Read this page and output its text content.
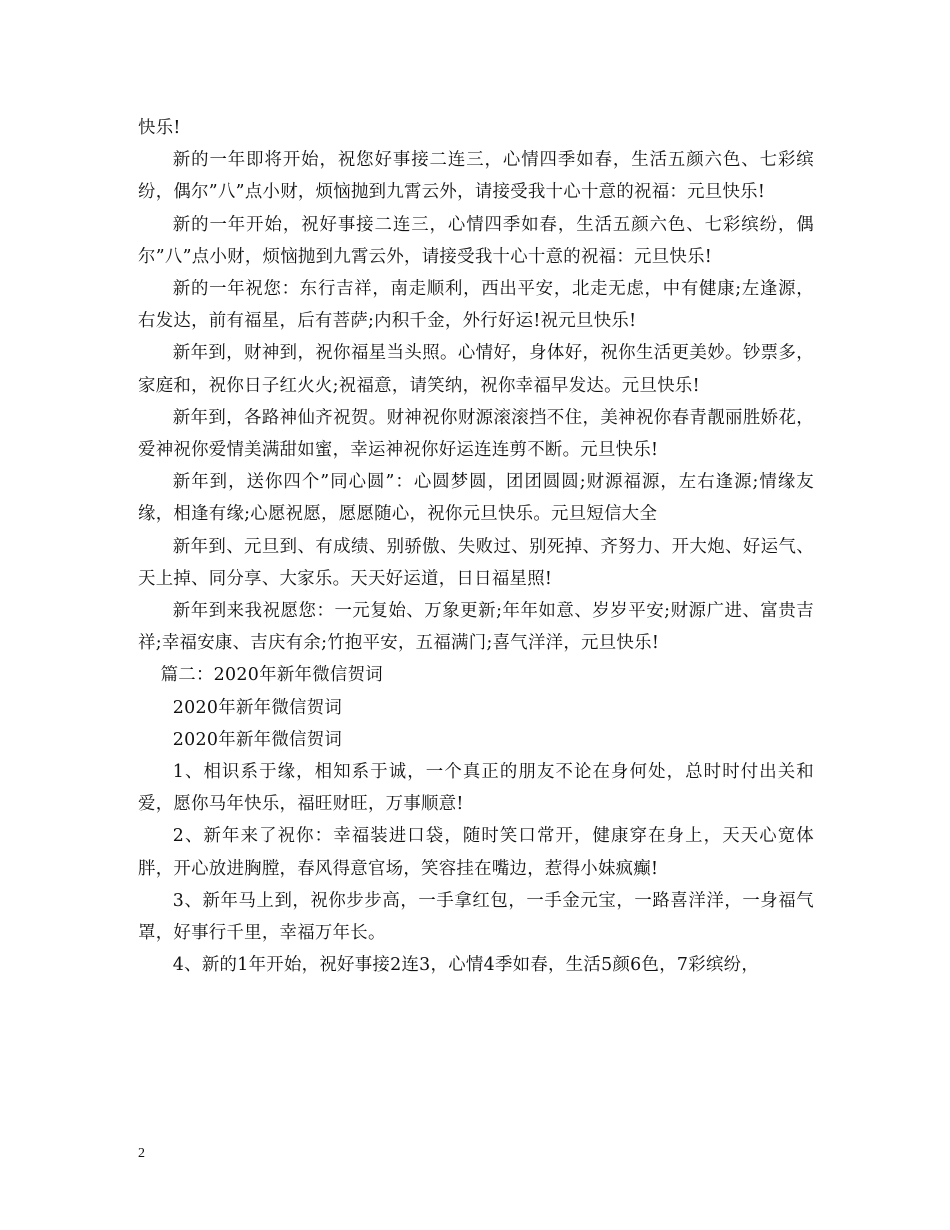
快乐!

新的一年即将开始，祝您好事接二连三，心情四季如春，生活五颜六色、七彩缤纷，偶尔”八”点小财，烦恼抛到九霄云外，请接受我十心十意的祝福：元旦快乐!

新的一年开始，祝好事接二连三，心情四季如春，生活五颜六色、七彩缤纷，偶尔”八”点小财，烦恼抛到九霄云外，请接受我十心十意的祝福：元旦快乐!

新的一年祝您：东行吉祥，南走顺利，西出平安，北走无虑，中有健康;左逢源，右发达，前有福星，后有菩萨;内积千金，外行好运!祝元旦快乐!

新年到，财神到，祝你福星当头照。心情好，身体好，祝你生活更美妙。钞票多，家庭和，祝你日子红火火;祝福意，请笑纳，祝你幸福早发达。元旦快乐!

新年到，各路神仙齐祝贺。财神祝你财源滚滚挡不住，美神祝你春青靓丽胜娇花，爱神祝你爱情美满甜如蜜，幸运神祝你好运连连剪不断。元旦快乐!

新年到，送你四个”同心圆”：心圆梦圆，团团圆圆;财源福源，左右逢源;情缘友缘，相逢有缘;心愿祝愿，愿愿随心，祝你元旦快乐。元旦短信大全

新年到、元旦到、有成绩、别骄傲、失败过、别死掉、齐努力、开大炮、好运气、天上掉、同分享、大家乐。天天好运道，日日福星照!

新年到来我祝愿您：一元复始、万象更新;年年如意、岁岁平安;财源广进、富贵吉祥;幸福安康、吉庆有余;竹抱平安，五福满门;喜气洋洋，元旦快乐!

篇二：2020年新年微信贺词

2020年新年微信贺词

2020年新年微信贺词

1、相识系于缘，相知系于诚，一个真正的朋友不论在身何处，总时时付出关和爱，愿你马年快乐，福旺财旺，万事顺意!

2、新年来了祝你：幸福装进口袋，随时笑口常开，健康穿在身上，天天心宽体胖，开心放进胸膛，春风得意官场，笑容挂在嘴边，惹得小妹疯癫!

3、新年马上到，祝你步步高，一手拿红包，一手金元宝，一路喜洋洋，一身福气罩，好事行千里，幸福万年长。

4、新的1年开始，祝好事接2连3，心情4季如春，生活5颜6色，7彩缤纷，

2
